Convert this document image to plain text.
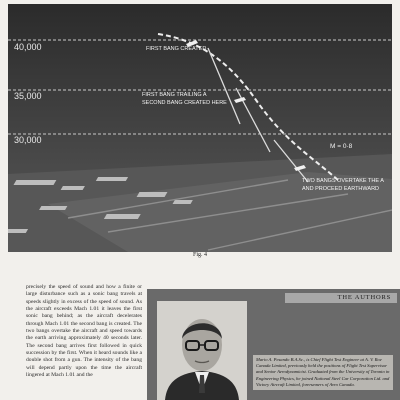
40,000
35,000
30,000
FIRST BANG CREATED
FIRST BANG TRAILING A
SECOND BANG CREATED HERE
M = 0·8
TWO BANGS OVERTAKE THE A
AND PROCEED EARTHWARD
Fig. 4

precisely the speed of sound and how a finite or large disturbance such as a sonic bang travels at speeds slightly in excess of the speed of sound. As the aircraft exceeds Mach 1.01 it leaves the first sonic bang behind; as the aircraft decelerates through Mach 1.01 the second bang is created. The two bangs overtake the aircraft and speed towards the earth arriving approximately 40 seconds later. The second bang arrives first followed in quick succession by the first. When it heard sounds like a double shot from a gun. The intensity of the bang will depend partly upon the time the aircraft lingered at Mach 1.01 and the

THE AUTHORS

Mario A. Pesando B.A.Sc., is Chief Flight Test Engineer at A. V. Roe Canada Limited, previously held the positions of Flight Test Supervisor and Senior Aerodynamicist. Graduated from the University of Toronto in Engineering Physics, he joined National Steel Car Corporation Ltd. and Victory Aircraft Limited, forerunners of Avro Canada.
